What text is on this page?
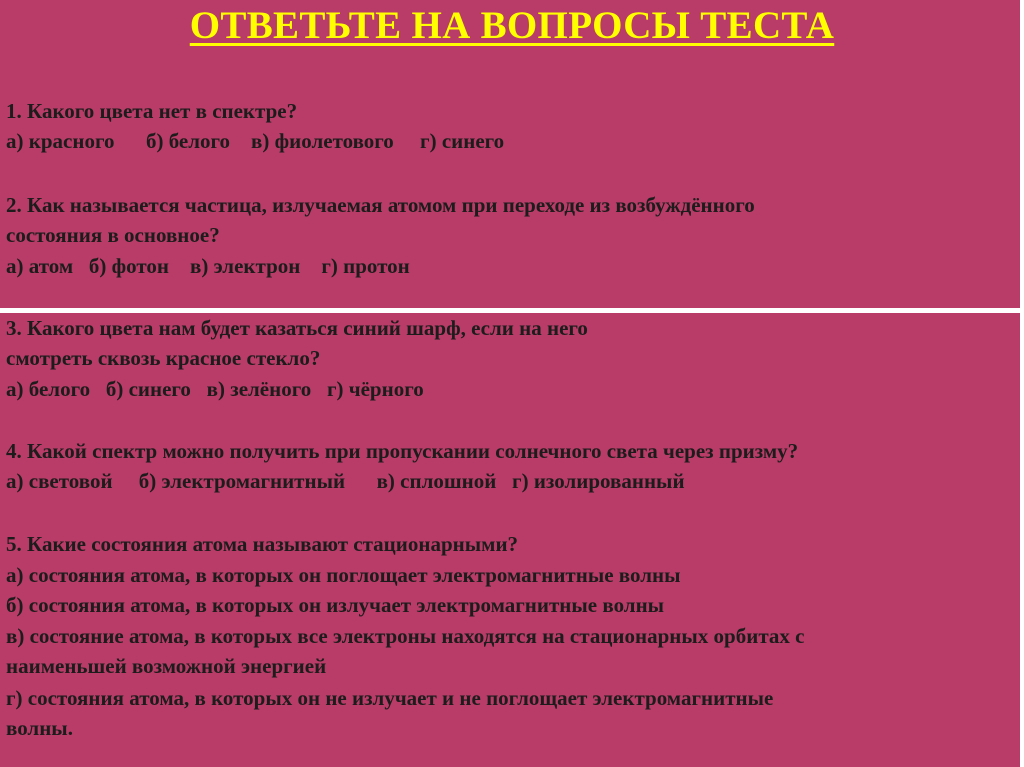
ОТВЕТЬТЕ НА ВОПРОСЫ ТЕСТА
1. Какого цвета нет в спектре?
а) красного      б) белого    в) фиолетового     г) синего
2. Как называется частица, излучаемая атомом при переходе из возбуждённого
состояния в основное?
а) атом   б) фотон    в) электрон    г) протон
3. Какого цвета нам будет казаться синий шарф, если на него
смотреть сквозь красное стекло?
а) белого   б) синего   в) зелёного   г) чёрного
4. Какой спектр можно получить при пропускании солнечного света через призму?
а) световой     б) электромагнитный      в) сплошной   г) изолированный
5. Какие состояния атома называют стационарными?
а) состояния атома, в которых он поглощает электромагнитные волны
б) состояния атома, в которых он излучает электромагнитные волны
в) состояние атома, в которых все электроны находятся на стационарных орбитах с
наименьшей возможной энергией
г) состояния атома, в которых он не излучает и не поглощает электромагнитные
волны.
